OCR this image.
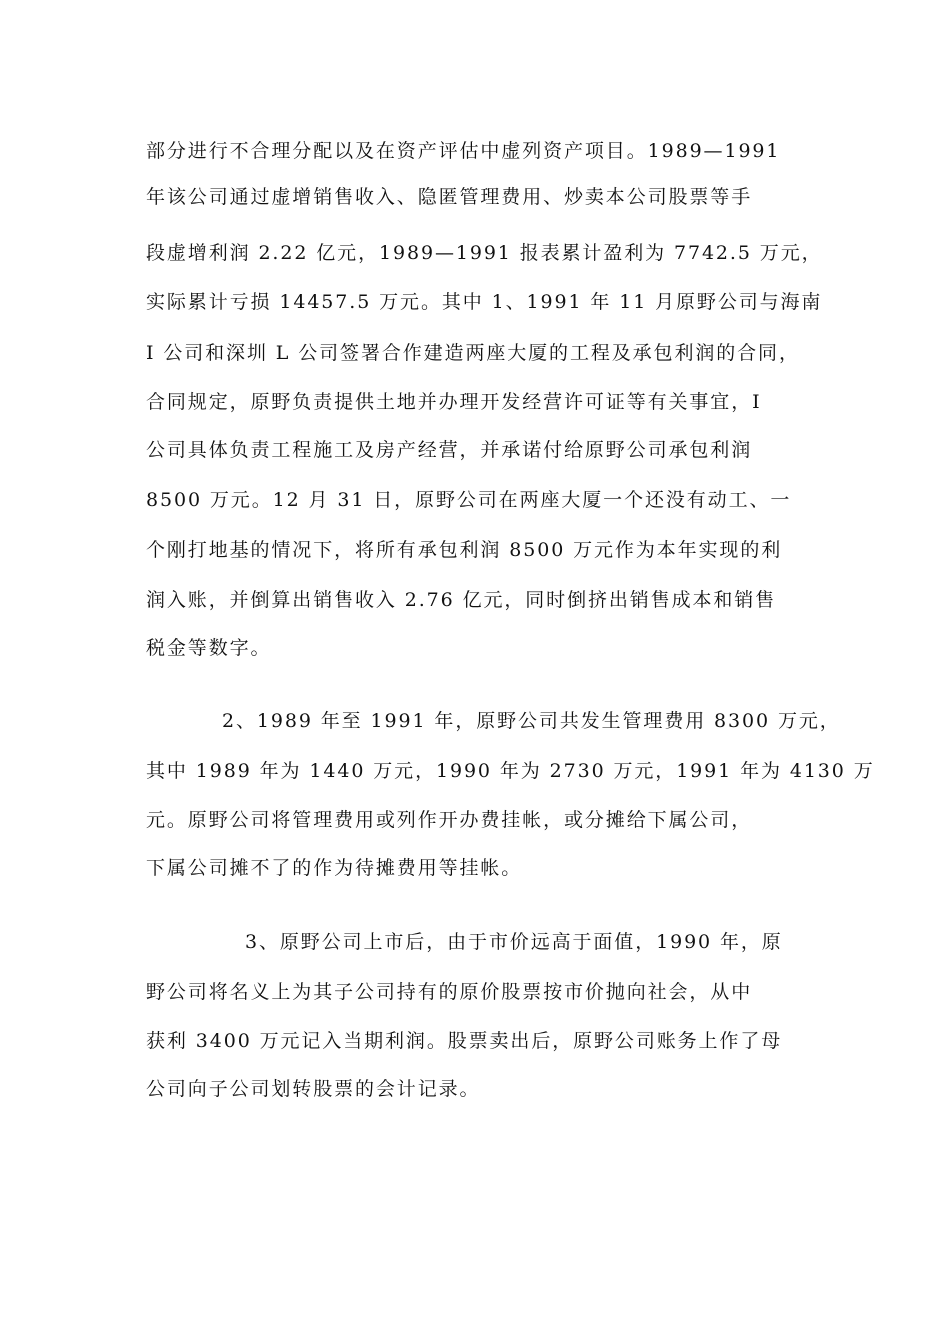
部分进行不合理分配以及在资产评估中虚列资产项目。1989—1991

年该公司通过虚增销售收入、隐匿管理费用、炒卖本公司股票等手

段虚增利润 2.22 亿元，1989—1991 报表累计盈利为 7742.5 万元，

实际累计亏损 14457.5 万元。其中 1、1991 年 11 月原野公司与海南

I 公司和深圳 L 公司签署合作建造两座大厦的工程及承包利润的合同，

合同规定，原野负责提供土地并办理开发经营许可证等有关事宜，I

公司具体负责工程施工及房产经营，并承诺付给原野公司承包利润

8500 万元。12 月 31 日，原野公司在两座大厦一个还没有动工、一

个刚打地基的情况下，将所有承包利润 8500 万元作为本年实现的利

润入账，并倒算出销售收入 2.76 亿元，同时倒挤出销售成本和销售

税金等数字。

2、1989 年至 1991 年，原野公司共发生管理费用 8300 万元，

其中 1989 年为 1440 万元，1990 年为 2730 万元，1991 年为 4130 万

元。原野公司将管理费用或列作开办费挂帐，或分摊给下属公司，

下属公司摊不了的作为待摊费用等挂帐。

3、原野公司上市后，由于市价远高于面值，1990 年，原

野公司将名义上为其子公司持有的原价股票按市价抛向社会，从中

获利 3400 万元记入当期利润。股票卖出后，原野公司账务上作了母

公司向子公司划转股票的会计记录。
